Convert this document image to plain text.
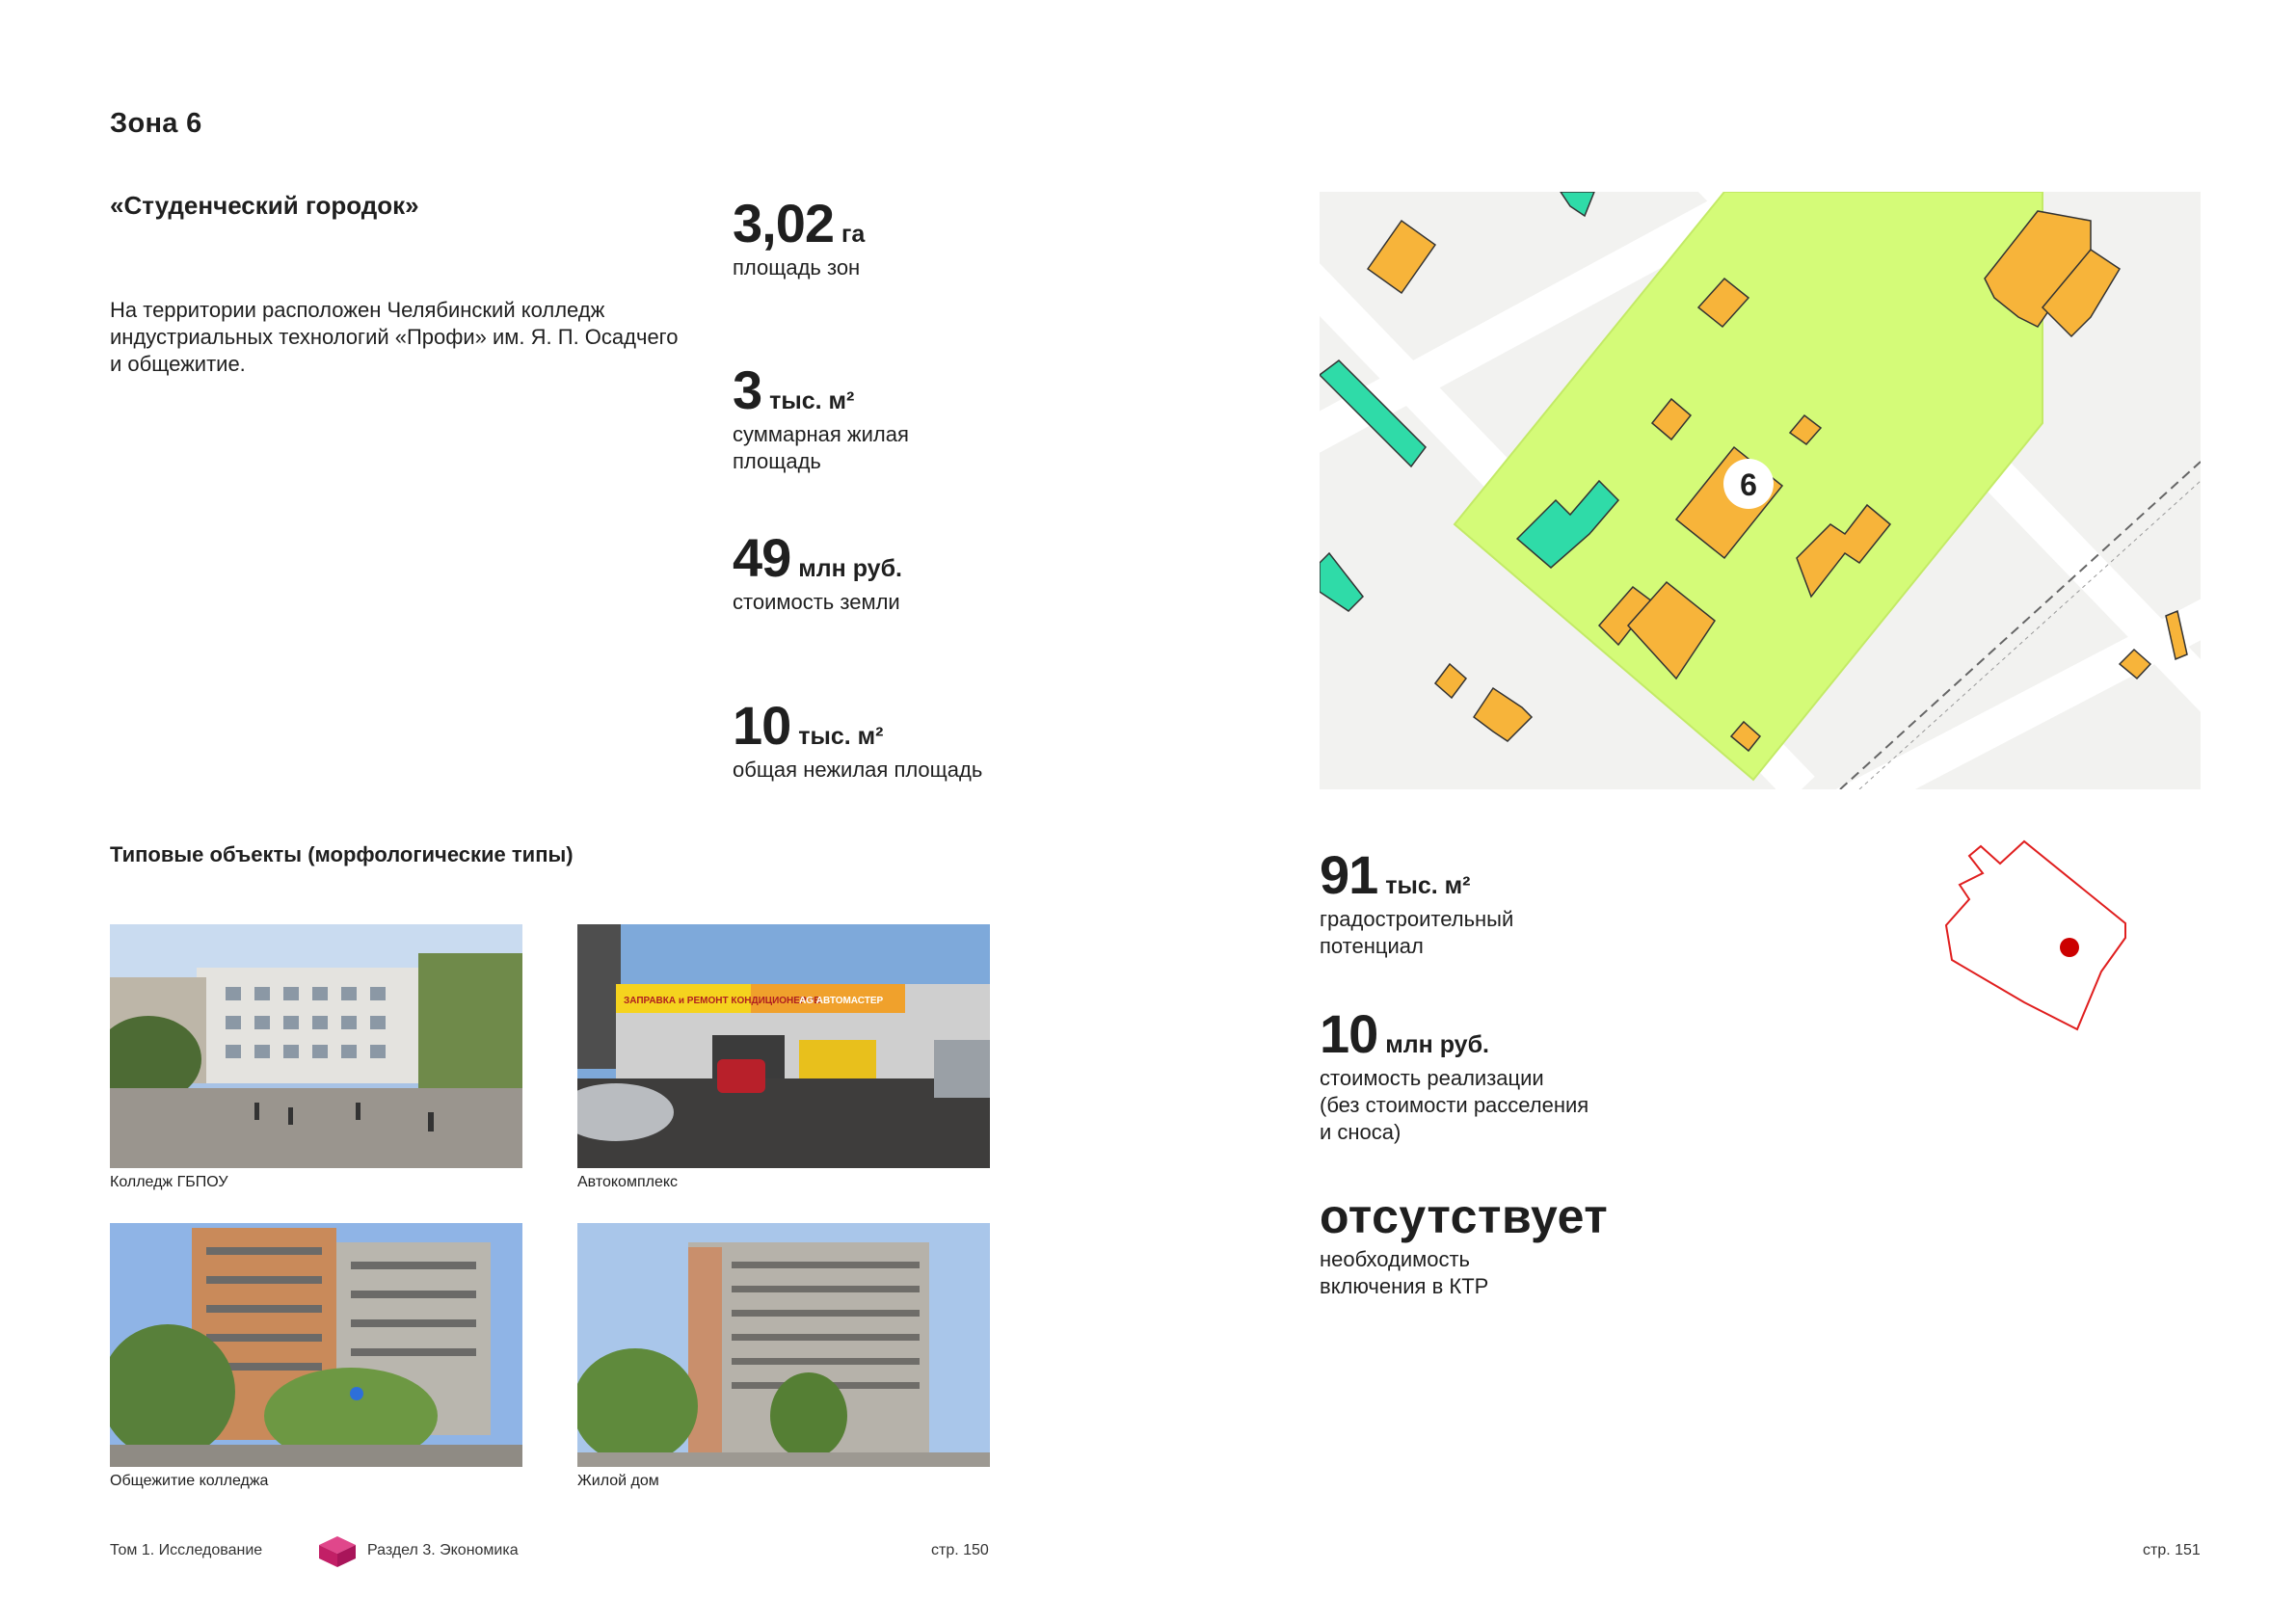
Зона 6
«Студенческий городок»
На территории расположен Челябинский колледж индустриальных технологий «Профи» им. Я. П. Осадчего и общежитие.
3,02 га
площадь зон
3 тыс. м²
суммарная жилая
площадь
49 млн руб.
стоимость земли
10 тыс. м²
общая нежилая площадь
Типовые объекты (морфологические типы)
Колледж ГБПОУ
ЗАПРАВКА и РЕМОНТ КОНДИЦИОНЕРОВ
AG АВТОМАСТЕР
Автокомплекс
Общежитие колледжа	Жилой дом
Том 1. Исследование	Раздел 3. Экономика	стр. 150	стр. 151
6
91 тыс. м²
градостроительный
потенциал
10 млн руб.
стоимость реализации
(без стоимости расселения
и сноса)
отсутствует
необходимость
включения в КТР
